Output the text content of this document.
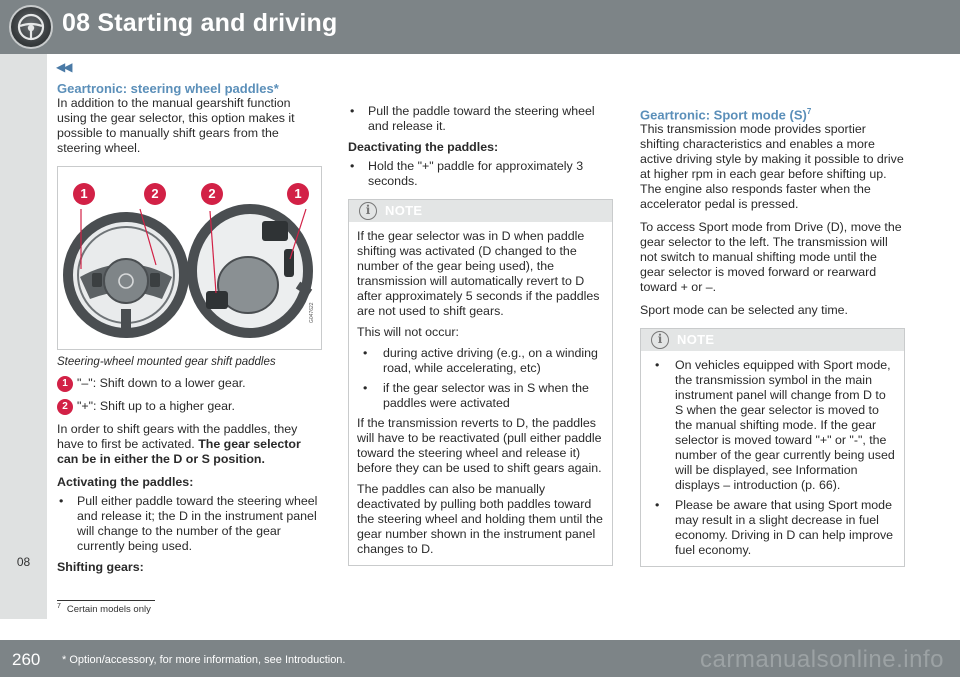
08 Starting and driving
08
◀◀
Geartronic: steering wheel paddles*

In addition to the manual gearshift function using the gear selector, this option makes it possible to manually shift gears from the steering wheel.

G047622
1	2	2	1
Steering-wheel mounted gear shift paddles
1 "–": Shift down to a lower gear.
2 "+": Shift up to a higher gear.

In order to shift gears with the paddles, they have to first be activated. The gear selector can be in either the D or S position.

Activating the paddles:

• Pull either paddle toward the steering wheel and release it; the D in the instrument panel will change to the number of the gear currently being used.

Shifting gears:

• Pull the paddle toward the steering wheel and release it.

Deactivating the paddles:

• Hold the "+" paddle for approximately 3 seconds.
i	NOTE

If the gear selector was in D when paddle shifting was activated (D changed to the number of the gear being used), the transmission will automatically revert to D after approximately 5 seconds if the paddles are not used to shift gears.

This will not occur:

• during active driving (e.g., on a winding road, while accelerating, etc)
• if the gear selector was in S when the paddles were activated

If the transmission reverts to D, the paddles will have to be reactivated (pull either paddle toward the steering wheel and release it) before they can be used to shift gears again.

The paddles can also be manually deactivated by pulling both paddles toward the steering wheel and holding them until the gear number shown in the instrument panel changes to D.

Geartronic: Sport mode $(S)^7$

This transmission mode provides sportier shifting characteristics and enables a more active driving style by making it possible to drive at higher rpm in each gear before shifting up. The engine also responds faster when the accelerator pedal is pressed.

To access Sport mode from Drive (D), move the gear selector to the left. The transmission will not switch to manual shifting mode until the gear selector is moved forward or rearward toward + or –.

Sport mode can be selected any time.

i	NOTE
• On vehicles equipped with Sport mode, the transmission symbol in the main instrument panel will change from D to S when the gear selector is moved to the manual shifting mode. If the gear selector is moved toward "+" or "-", the number of the gear currently being used will be displayed, see Information displays – introduction (p. 66).
• Please be aware that using Sport mode may result in a slight decrease in fuel economy. Driving in D can help improve fuel economy.
$^7$ Certain models only
260 * Option/accessory, for more information, see Introduction.	carmanualsonline.info
